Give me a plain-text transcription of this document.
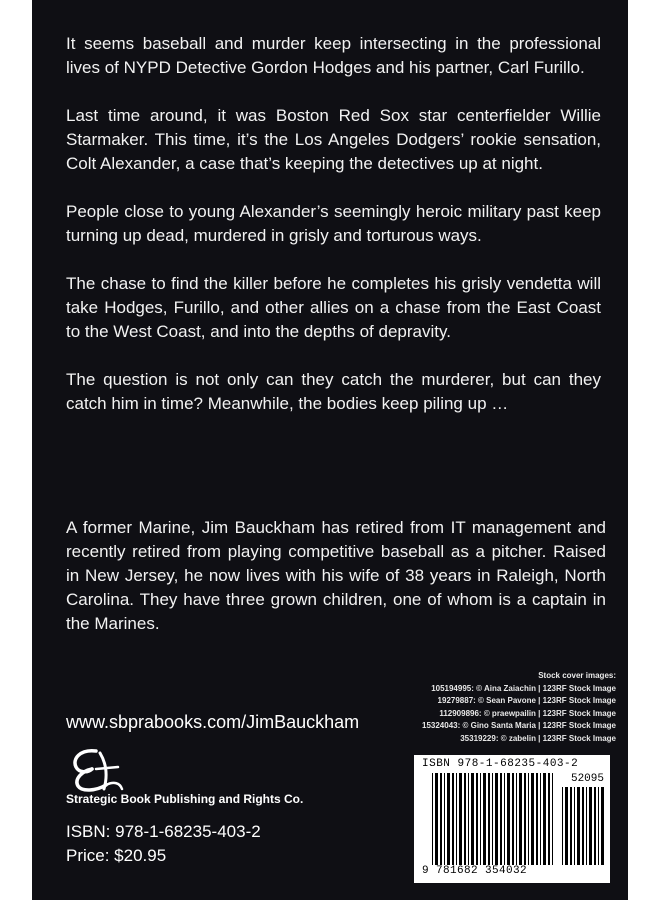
It seems baseball and murder keep intersecting in the professional lives of NYPD Detective Gordon Hodges and his partner, Carl Furillo.

Last time around, it was Boston Red Sox star centerfielder Willie Starmaker. This time, it’s the Los Angeles Dodgers’ rookie sensation, Colt Alexander, a case that’s keeping the detectives up at night.

People close to young Alexander’s seemingly heroic military past keep turning up dead, murdered in grisly and torturous ways.

The chase to find the killer before he completes his grisly vendetta will take Hodges, Furillo, and other allies on a chase from the East Coast to the West Coast, and into the depths of depravity.

The question is not only can they catch the murderer, but can they catch him in time? Meanwhile, the bodies keep piling up …

A former Marine, Jim Bauckham has retired from IT management and recently retired from playing competitive baseball as a pitcher. Raised in New Jersey, he now lives with his wife of 38 years in Raleigh, North Carolina. They have three grown children, one of whom is a captain in the Marines.

Stock cover images:
105194995: © Aina Zaiachin | 123RF Stock Image
19279887: © Sean Pavone | 123RF Stock Image
112909896: © praewpailin | 123RF Stock Image
15324043: © Gino Santa Maria | 123RF Stock Image
35319229: © zabelin | 123RF Stock Image
www.sbprabooks.com/JimBauckham
Strategic Book Publishing and Rights Co.
ISBN: 978-1-68235-403-2
Price: $20.95
ISBN 978-1-68235-403-2
52095
9 781682 354032
